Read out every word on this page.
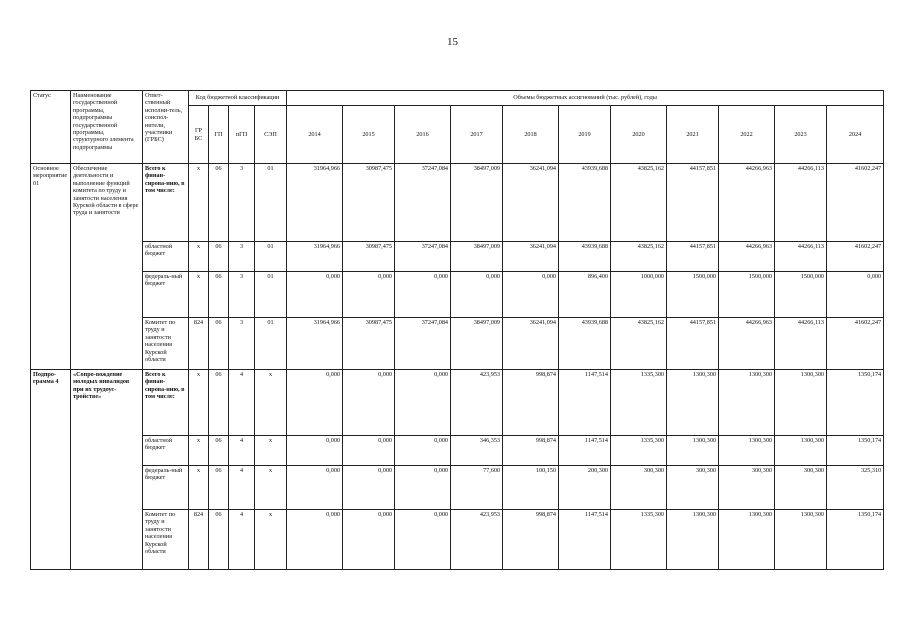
15
Статус	Наименование государственной программы, подпрограммы государственной программы, структурного элемента подпрограммы	Ответ-ственный исполни-тель, соиспол-нители, участники (ГРБС)	Код бюджетной классификации				Объемы бюджетных ассигнований (тыс. рублей), годы										
			ГР БС	ГП	пГП	СЭП	2014	2015	2016	2017	2018	2019	2020	2021	2022	2023	2024
Основное мероприятие 01	Обеспечение деятельности и выполнение функций комитета по труду и занятости населения Курской области в сфере труда и занятости	Всего к финан-сирова-нию, в том числе:	x	06	3	01	31964,966	30987,475	37247,084	38497,009	36241,094	43939,688	43825,162	44157,851	44266,963	44266,113	41602,247
		областной бюджет	x	06	3	01	31964,966	30987,475	37247,084	38497,009	36241,094	43939,688	43825,162	44157,851	44266,963	44266,113	41602,247
		федераль-ный бюджет	x	06	3	01	0,000	0,000	0,000	0,000	0,000	896,400	1000,000	1500,000	1500,000	1500,000	0,000
		Комитет по труду и занятости населения Курской области	824	06	3	01	31964,966	30987,475	37247,084	38497,009	36241,094	43939,688	43825,162	44157,851	44266,963	44266,113	41602,247
Подпро-грамма 4	«Сопро-вождение молодых инвалидов при их трудоус-тройстве»	Всего к финан-сирова-нию, в том числе:	x	06	4	x	0,000	0,000	0,000	423,953	998,874	1147,514	1335,300	1300,300	1300,300	1300,300	1350,174
		областной бюджет	x	06	4	x	0,000	0,000	0,000	346,353	998,874	1147,514	1335,300	1300,300	1300,300	1300,300	1350,174
		федераль-ный бюджет	x	06	4	x	0,000	0,000	0,000	77,600	100,150	200,300	300,300	300,300	300,300	300,300	325,310
		Комитет по труду и занятости населения Курской области	824	06	4	x	0,000	0,000	0,000	423,953	998,874	1147,514	1335,300	1300,300	1300,300	1300,300	1350,174
